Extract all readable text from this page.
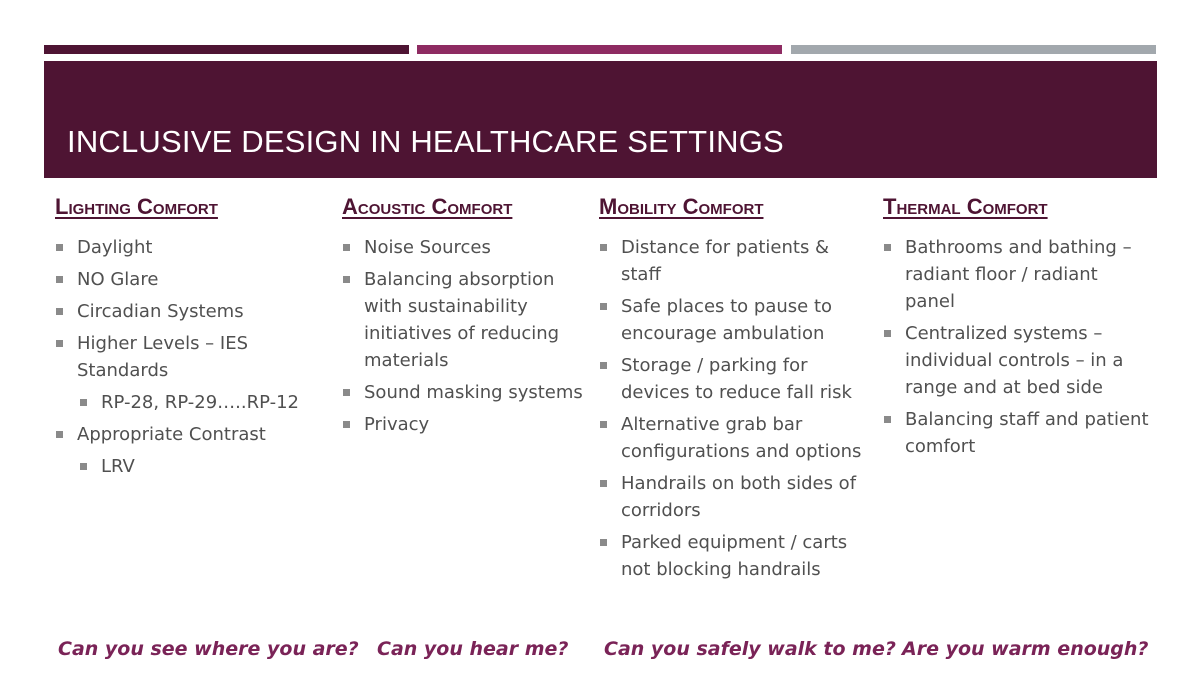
INCLUSIVE DESIGN IN HEALTHCARE SETTINGS
Lighting Comfort
Daylight
NO Glare
Circadian Systems
Higher Levels – IES Standards
RP-28, RP-29…..RP-12
Appropriate Contrast
LRV
Acoustic Comfort
Noise Sources
Balancing absorption with sustainability initiatives of reducing materials
Sound masking systems
Privacy
Mobility Comfort
Distance for patients & staff
Safe places to pause to encourage ambulation
Storage / parking for devices to reduce fall risk
Alternative grab bar configurations and options
Handrails on both sides of corridors
Parked equipment / carts not blocking handrails
Thermal Comfort
Bathrooms and bathing – radiant floor / radiant panel
Centralized systems – individual controls – in a range and at bed side
Balancing staff and patient comfort

Can you see where you are? Can you hear me? Can you safely walk to me? Are you warm enough?
